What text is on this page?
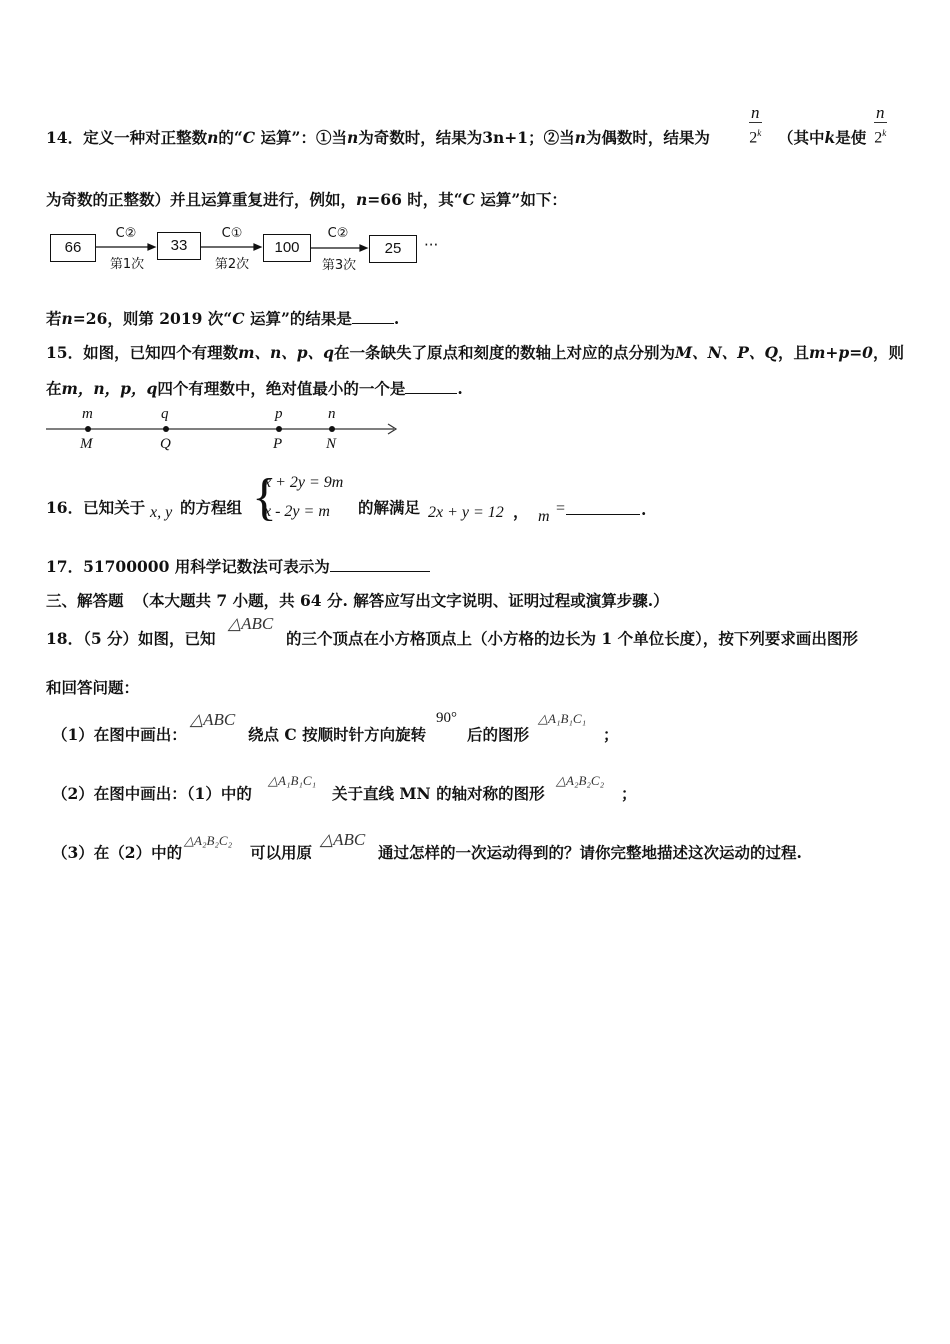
14．定义一种对正整数n的“C 运算”：①当n为奇数时，结果为3n+1；②当n为偶数时，结果为 $\frac{n}{2^k}$ （其中k是使 $\frac{n}{2^k}$
为奇数的正整数）并且运算重复进行，例如，n=66 时，其“C 运算”如下：
66	33	100	25
C②	C①	C②
第1次	第2次	第3次
···
若n=26，则第 2019 次“C 运算”的结果是	.
15．如图，已知四个有理数m、n、p、q在一条缺失了原点和刻度的数轴上对应的点分别为M、N、P、Q，且m+p=0，则
在m，n，p，q四个有理数中，绝对值最小的一个是	.
m	q	p	n
M	Q	P	N
16．已知关于 x, y 的方程组 {
x + 2y = 9m
x - 2y = m 的解满足 2x + y = 12 ， m =	.
17．51700000 用科学记数法可表示为
三、解答题 （本大题共 7 小题，共 64 分. 解答应写出文字说明、证明过程或演算步骤.）
18．（5 分）如图，已知
△ABC
的三个顶点在小方格顶点上（小方格的边长为 1 个单位长度），按下列要求画出图形
和回答问题：
（1）在图中画出：
△ABC
绕点 C 按顺时针方向旋转
90°
后的图形
△A₁B₁C₁
；
（2）在图中画出：（1）中的
△A₁B₁C₁
关于直线 MN 的轴对称的图形
△A₂B₂C₂
；
（3）在（2）中的
△A₂B₂C₂
可以用原
△ABC
通过怎样的一次运动得到的？请你完整地描述这次运动的过程.
